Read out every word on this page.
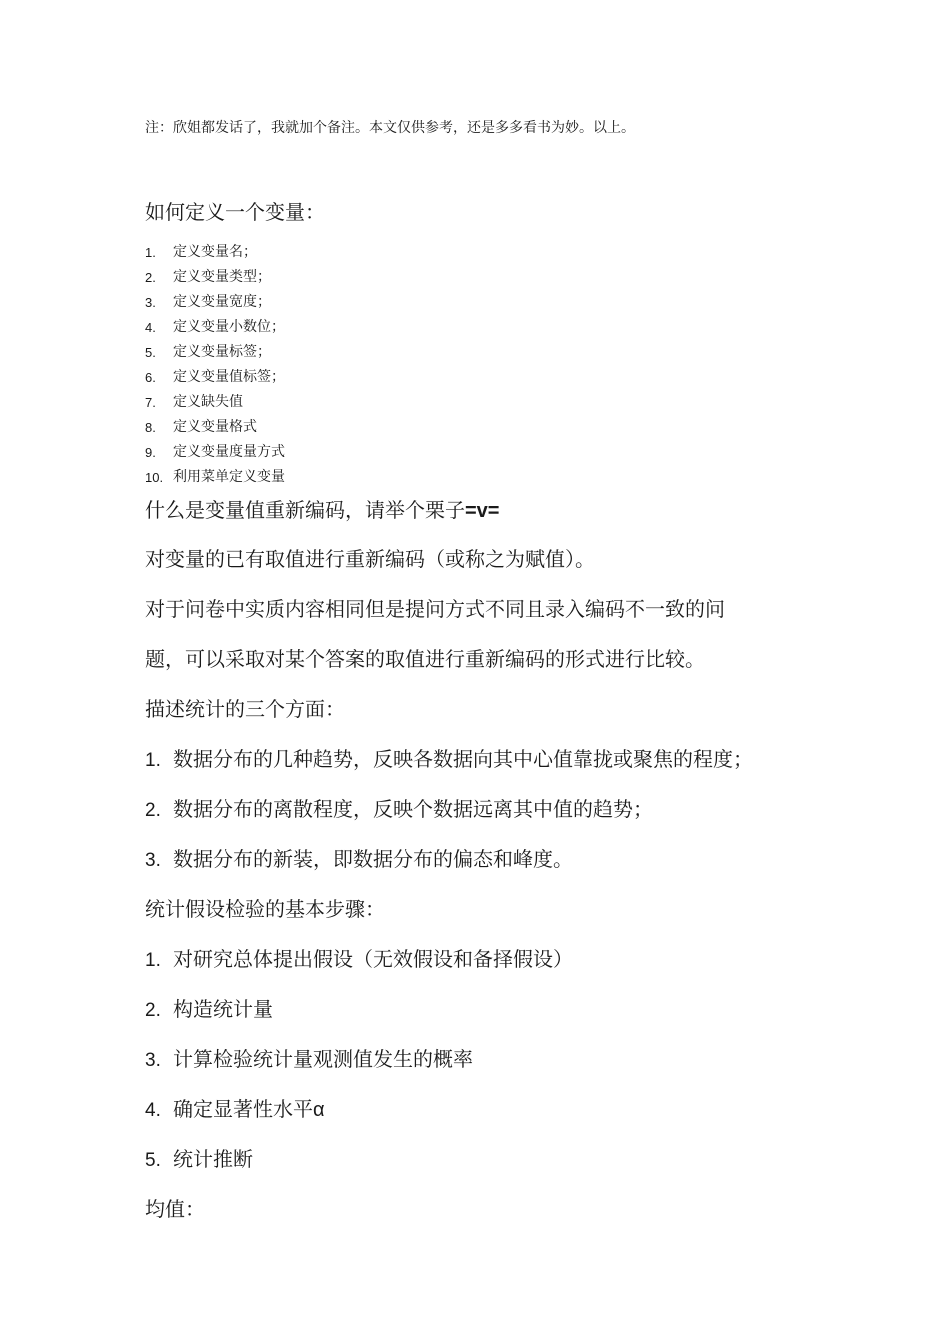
注：欣姐都发话了，我就加个备注。本文仅供参考，还是多多看书为妙。以上。
如何定义一个变量：
1.	定义变量名；
2.	定义变量类型；
3.	定义变量宽度；
4.	定义变量小数位；
5.	定义变量标签；
6.	定义变量值标签；
7.	定义缺失值
8.	定义变量格式
9.	定义变量度量方式
10. 利用菜单定义变量
什么是变量值重新编码，请举个栗子=v=
对变量的已有取值进行重新编码（或称之为赋值）。
对于问卷中实质内容相同但是提问方式不同且录入编码不一致的问
题，可以采取对某个答案的取值进行重新编码的形式进行比较。
描述统计的三个方面：
1. 数据分布的几种趋势，反映各数据向其中心值靠拢或聚焦的程度；
2. 数据分布的离散程度，反映个数据远离其中值的趋势；
3. 数据分布的新装，即数据分布的偏态和峰度。
统计假设检验的基本步骤：
1. 对研究总体提出假设（无效假设和备择假设）
2. 构造统计量
3. 计算检验统计量观测值发生的概率
4. 确定显著性水平α
5. 统计推断
均值：
